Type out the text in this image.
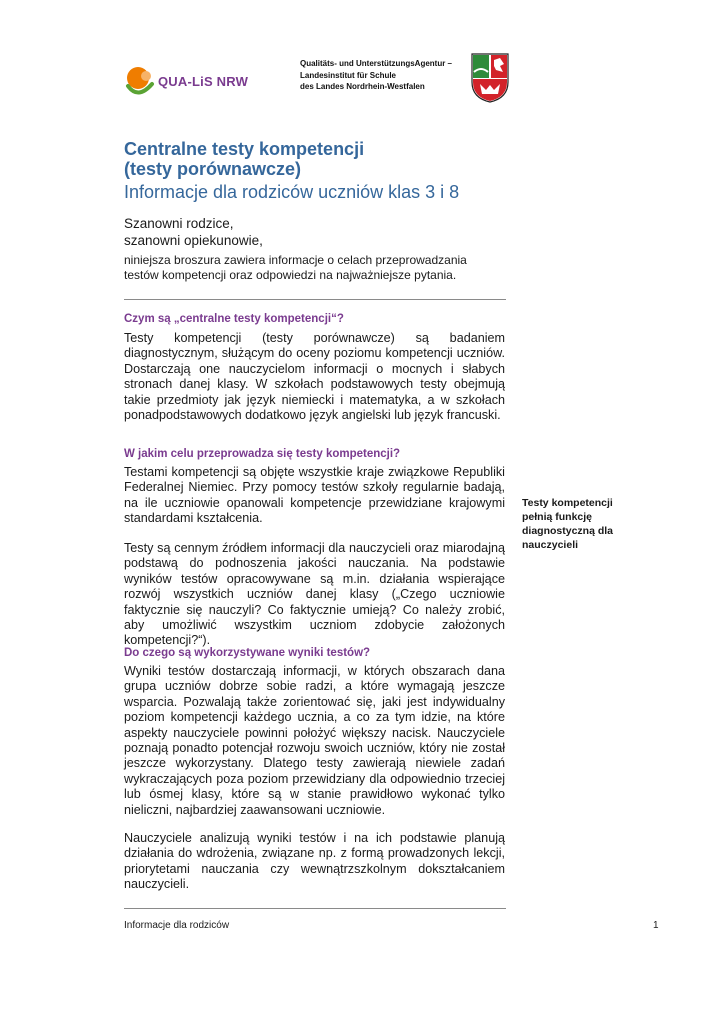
QUA-LiS NRW
Qualitäts- und UnterstützungsAgentur –
Landesinstitut für Schule
des Landes Nordrhein-Westfalen
Centralne testy kompetencji
(testy porównawcze)
Informacje dla rodziców uczniów klas 3 i 8
Szanowni rodzice,
szanowni opiekunowie,
niniejsza broszura zawiera informacje o celach przeprowadzania testów kompetencji oraz odpowiedzi na najważniejsze pytania.
Czym są „centralne testy kompetencji“?
Testy kompetencji (testy porównawcze) są badaniem diagnostycznym, służącym do oceny poziomu kompetencji uczniów. Dostarczają one nauczycielom informacji o mocnych i słabych stronach danej klasy. W szkołach podstawowych testy obejmują takie przedmioty jak język niemiecki i matematyka, a w szkołach ponadpodstawowych dodatkowo język angielski lub język francuski.
W jakim celu przeprowadza się testy kompetencji?
Testami kompetencji są objęte wszystkie kraje związkowe Republiki Federalnej Niemiec. Przy pomocy testów szkoły regularnie badają, na ile uczniowie opanowali kompetencje przewidziane krajowymi standardami kształcenia.
Testy są cennym źródłem informacji dla nauczycieli oraz miarodajną podstawą do podnoszenia jakości nauczania. Na podstawie wyników testów opracowywane są m.in. działania wspierające rozwój wszystkich uczniów danej klasy („Czego uczniowie faktycznie się nauczyli? Co faktycznie umieją? Co należy zrobić, aby umożliwić wszystkim uczniom zdobycie założonych kompetencji?“).
Testy kompetencji pełnią funkcję diagnostyczną dla nauczycieli
Do czego są wykorzystywane wyniki testów?
Wyniki testów dostarczają informacji, w których obszarach dana grupa uczniów dobrze sobie radzi, a które wymagają jeszcze wsparcia. Pozwalają także zorientować się, jaki jest indywidualny poziom kompetencji każdego ucznia, a co za tym idzie, na które aspekty nauczyciele powinni położyć większy nacisk. Nauczyciele poznają ponadto potencjał rozwoju swoich uczniów, który nie został jeszcze wykorzystany. Dlatego testy zawierają niewiele zadań wykraczających poza poziom przewidziany dla odpowiednio trzeciej lub ósmej klasy, które są w stanie prawidłowo wykonać tylko nieliczni, najbardziej zaawansowani uczniowie.
Nauczyciele analizują wyniki testów i na ich podstawie planują działania do wdrożenia, związane np. z formą prowadzonych lekcji, priorytetami nauczania czy wewnątrzszkolnym dokształcaniem nauczycieli.
Informacje dla rodziców	1
